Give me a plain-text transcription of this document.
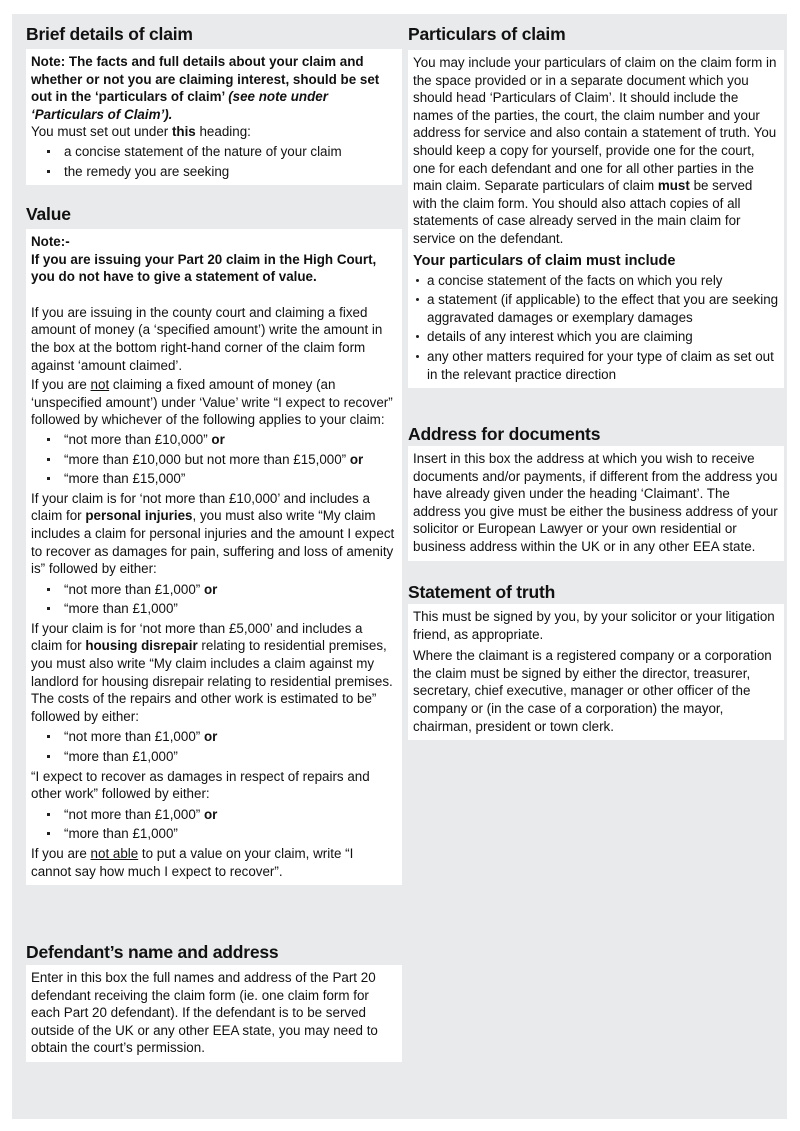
Brief details of claim

Note: The facts and full details about your claim and whether or not you are claiming interest, should be set out in the ‘particulars of claim’ (see note under ‘Particulars of Claim’).

You must set out under this heading:

a concise statement of the nature of your claim
the remedy you are seeking
Value

Note:-

If you are issuing your Part 20 claim in the High Court, you do not have to give a statement of value.

If you are issuing in the county court and claiming a fixed amount of money (a ‘specified amount’) write the amount in the box at the bottom right-hand corner of the claim form against ‘amount claimed’.

If you are not claiming a fixed amount of money (an ‘unspecified amount’) under ‘Value’ write “I expect to recover” followed by whichever of the following applies to your claim:

“not more than £10,000” or
“more than £10,000 but not more than £15,000” or
“more than £15,000”

If your claim is for ‘not more than £10,000’ and includes a claim for personal injuries, you must also write “My claim includes a claim for personal injuries and the amount I expect to recover as damages for pain, suffering and loss of amenity is” followed by either:

“not more than £1,000” or
“more than £1,000”

If your claim is for ‘not more than £5,000’ and includes a claim for housing disrepair relating to residential premises, you must also write “My claim includes a claim against my landlord for housing disrepair relating to residential premises. The costs of the repairs and other work is estimated to be” followed by either:

“not more than £1,000” or
“more than £1,000”

“I expect to recover as damages in respect of repairs and other work” followed by either:

“not more than £1,000” or
“more than £1,000”

If you are not able to put a value on your claim, write “I cannot say how much I expect to recover”.

Defendant’s name and address

Enter in this box the full names and address of the Part 20 defendant receiving the claim form (ie. one claim form for each Part 20 defendant). If the defendant is to be served outside of the UK or any other EEA state, you may need to obtain the court’s permission.

Particulars of claim

You may include your particulars of claim on the claim form in the space provided or in a separate document which you should head ‘Particulars of Claim’. It should include the names of the parties, the court, the claim number and your address for service and also contain a statement of truth. You should keep a copy for yourself, provide one for the court, one for each defendant and one for all other parties in the main claim. Separate particulars of claim must be served with the claim form. You should also attach copies of all statements of case already served in the main claim for service on the defendant.

Your particulars of claim must include
a concise statement of the facts on which you rely
a statement (if applicable) to the effect that you are seeking aggravated damages or exemplary damages
details of any interest which you are claiming
any other matters required for your type of claim as set out in the relevant practice direction
Address for documents

Insert in this box the address at which you wish to receive documents and/or payments, if different from the address you have already given under the heading ‘Claimant’. The address you give must be either the business address of your solicitor or European Lawyer or your own residential or business address within the UK or in any other EEA state.

Statement of truth

This must be signed by you, by your solicitor or your litigation friend, as appropriate.

Where the claimant is a registered company or a corporation the claim must be signed by either the director, treasurer, secretary, chief executive, manager or other officer of the company or (in the case of a corporation) the mayor, chairman, president or town clerk.
